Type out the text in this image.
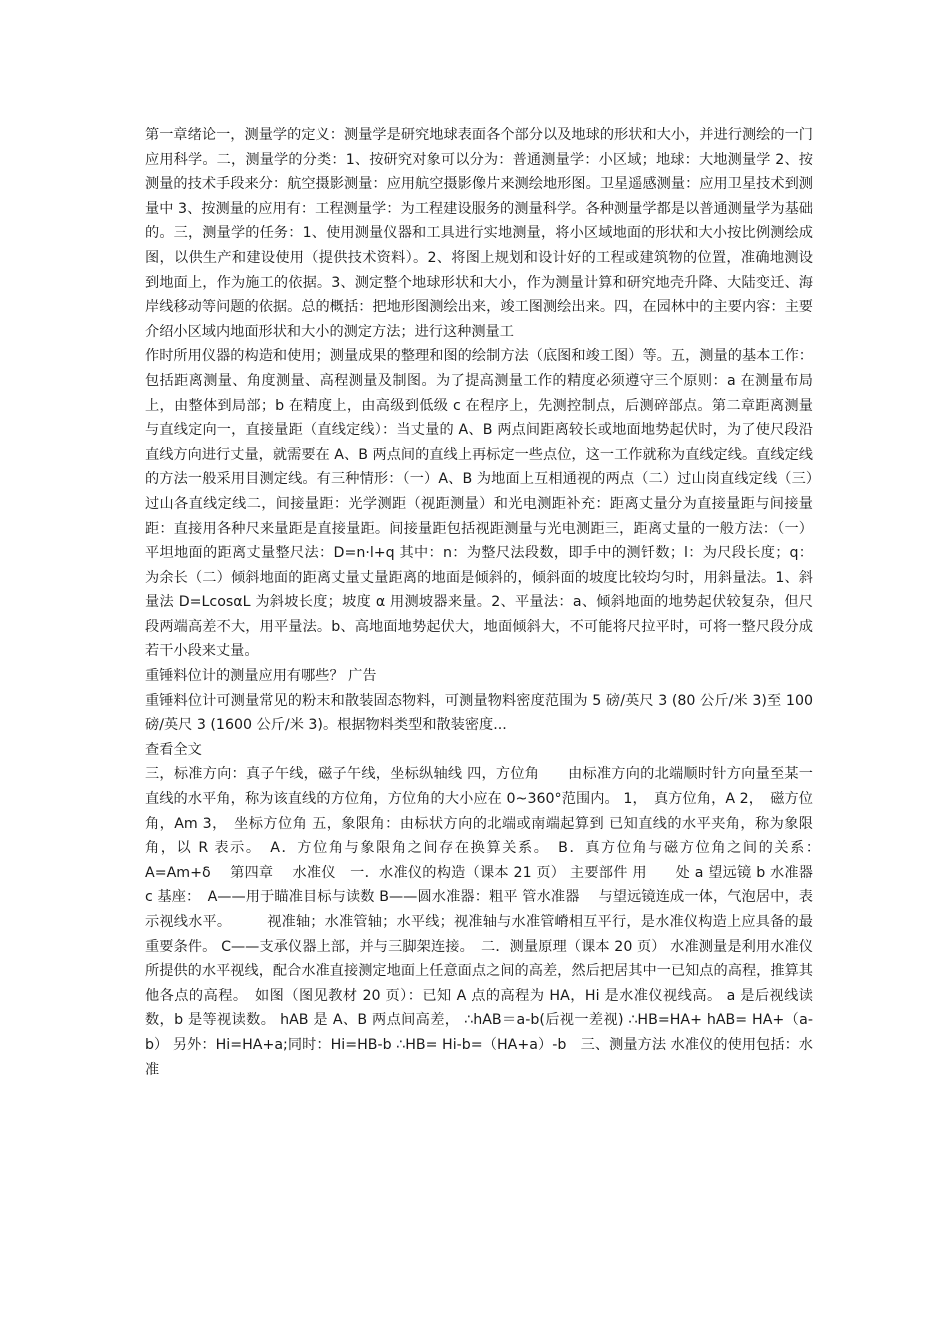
第一章绪论一，测量学的定义：测量学是研究地球表面各个部分以及地球的形状和大小，并进行测绘的一门应用科学。二，测量学的分类：1、按研究对象可以分为：普通测量学：小区域；地球：大地测量学 2、按测量的技术手段来分：航空摄影测量：应用航空摄影像片来测绘地形图。卫星遥感测量：应用卫星技术到测量中 3、按测量的应用有：工程测量学：为工程建设服务的测量科学。各种测量学都是以普通测量学为基础的。三，测量学的任务：1、使用测量仪器和工具进行实地测量，将小区域地面的形状和大小按比例测绘成图，以供生产和建设使用（提供技术资料）。2、将图上规划和设计好的工程或建筑物的位置，准确地测设到地面上，作为施工的依据。3、测定整个地球形状和大小，作为测量计算和研究地壳升降、大陆变迁、海岸线移动等问题的依据。总的概括：把地形图测绘出来，竣工图测绘出来。四，在园林中的主要内容：主要介绍小区域内地面形状和大小的测定方法；进行这种测量工

作时所用仪器的构造和使用；测量成果的整理和图的绘制方法（底图和竣工图）等。五，测量的基本工作：包括距离测量、角度测量、高程测量及制图。为了提高测量工作的精度必须遵守三个原则：a 在测量布局上，由整体到局部；b 在精度上，由高级到低级 c 在程序上，先测控制点，后测碎部点。第二章距离测量与直线定向一，直接量距（直线定线）：当丈量的 A、B 两点间距离较长或地面地势起伏时，为了使尺段沿直线方向进行丈量，就需要在 A、B 两点间的直线上再标定一些点位，这一工作就称为直线定线。直线定线的方法一般采用目测定线。有三种情形：（一）A、B 为地面上互相通视的两点（二）过山岗直线定线（三）过山各直线定线二，间接量距：光学测距（视距测量）和光电测距补充：距离丈量分为直接量距与间接量距：直接用各种尺来量距是直接量距。间接量距包括视距测量与光电测距三，距离丈量的一般方法：（一）平坦地面的距离丈量整尺法：D=n·l+q 其中：n：为整尺法段数，即手中的测钎数；l：为尺段长度；q：为余长（二）倾斜地面的距离丈量丈量距离的地面是倾斜的，倾斜面的坡度比较均匀时，用斜量法。1、斜量法 D=LcosαL 为斜坡长度；坡度 α 用测坡器来量。2、平量法：a、倾斜地面的地势起伏较复杂，但尺段两端高差不大，用平量法。b、高地面地势起伏大，地面倾斜大，不可能将尺拉平时，可将一整尺段分成若干小段来丈量。

重锤料位计的测量应用有哪些？ 广告

重锤料位计可测量常见的粉末和散装固态物料，可测量物料密度范围为 5 磅/英尺 3 (80 公斤/米 3)至 100 磅/英尺 3 (1600 公斤/米 3)。根据物料类型和散装密度...

查看全文

三，标准方向：真子午线，磁子午线，坐标纵轴线 四，方位角　　由标准方向的北端顺时针方向量至某一直线的水平角，称为该直线的方位角，方位角的大小应在 0~360°范围内。 1，　真方位角，A 2，　磁方位角，Am 3，　坐标方位角 五，象限角：由标状方向的北端或南端起算到 已知直线的水平夹角，称为象限角，以 R 表示。　A．方位角与象限角之间存在换算关系。　B．真方位角与磁方位角之间的关系：　A=Am+δ　 第四章　 水准仪　一．水准仪的构造（课本 21 页） 主要部件 用　　处 a 望远镜 b 水准器　 c 基座：　A——用于瞄准目标与读数 B——圆水准器：粗平 管水准器　 与望远镜连成一体，气泡居中，表示视线水平。　　　视准轴；水准管轴；水平线；视准轴与水准管嵴相互平行，是水准仪构造上应具备的最重要条件。 C——支承仪器上部，并与三脚架连接。　二．测量原理（课本 20 页） 水准测量是利用水准仪所提供的水平视线，配合水准直接测定地面上任意面点之间的高差，然后把居其中一已知点的高程，推算其他各点的高程。　如图（图见教材 20 页）：已知 A 点的高程为 HA，Hi 是水准仪视线高。 a 是后视线读数，b 是等视读数。 hAB 是 A、B 两点间高差， ∴hAB＝a-b(后视一差视) ∴HB=HA+ hAB= HA+（a-b） 另外：Hi=HA+a;同时：Hi=HB-b ∴HB= Hi-b=（HA+a）-b　三、测量方法 水准仪的使用包括：水准
